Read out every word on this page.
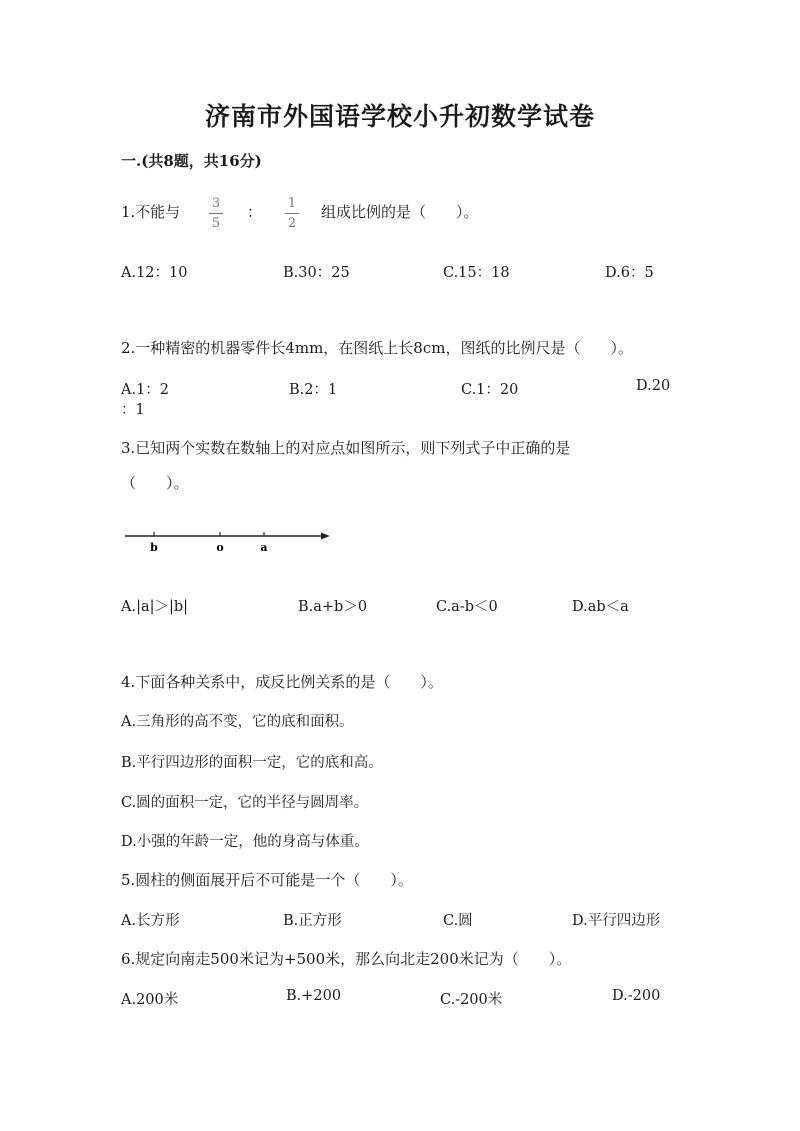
济南市外国语学校小升初数学试卷
一.(共8题，共16分)
1.不能与 3
5
： 1
2
组成比例的是（　　）。
A.12：10	B.30：25	C.15：18	D.6：5
2.一种精密的机器零件长4mm，在图纸上长8cm，图纸的比例尺是（　　）。
A.1：2	B.2：1	C.1：20	D.20
：1
3.已知两个实数在数轴上的对应点如图所示，则下列式子中正确的是
（　　）。
b	o	a
A.|a|＞|b|	B.a+b＞0	C.a-b＜0	D.ab＜a
4.下面各种关系中，成反比例关系的是（　　）。
A.三角形的高不变，它的底和面积。
B.平行四边形的面积一定，它的底和高。
C.圆的面积一定，它的半径与圆周率。
D.小强的年龄一定，他的身高与体重。
5.圆柱的侧面展开后不可能是一个（　　）。
A.长方形	B.正方形	C.圆	D.平行四边形
6.规定向南走500米记为+500米，那么向北走200米记为（　　）。
A.200米	B.+200	C.-200米	D.-200
